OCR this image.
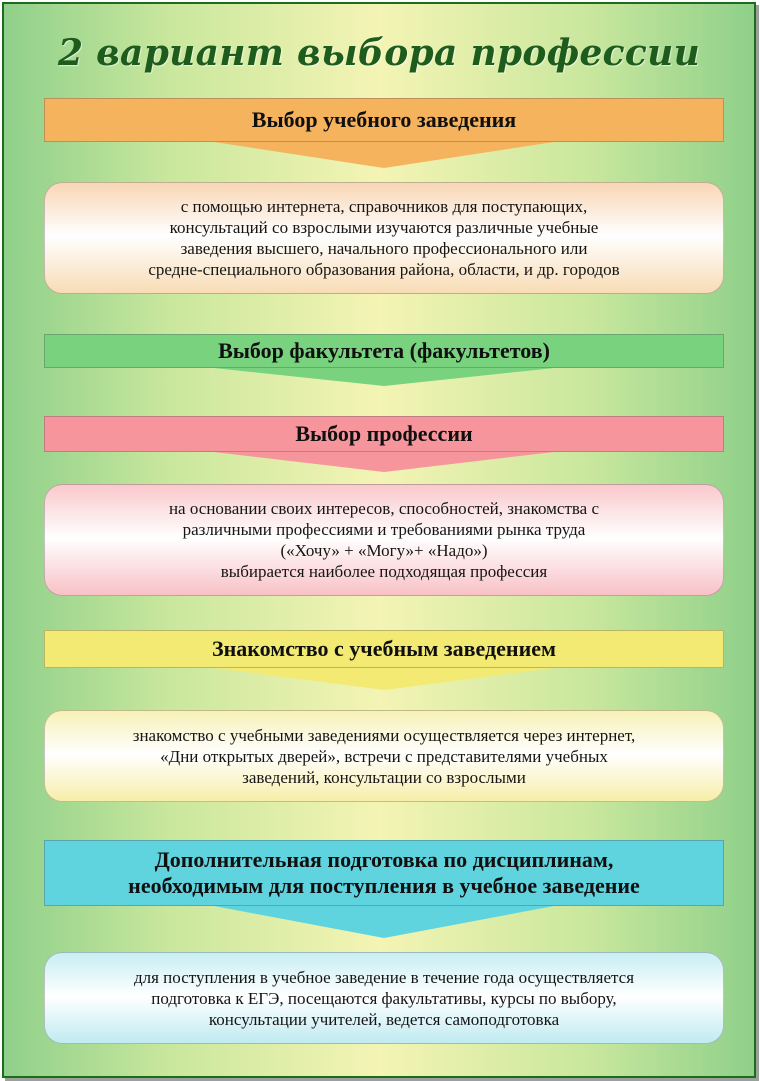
2 вариант выбора профессии
Выбор учебного заведения
с помощью интернета, справочников для поступающих,
консультаций со взрослыми изучаются различные учебные
заведения высшего, начального профессионального или
средне-специального образования района, области, и др. городов
Выбор факультета (факультетов)
Выбор профессии
на основании своих интересов, способностей, знакомства с
различными профессиями и требованиями рынка труда
(«Хочу» + «Могу»+ «Надо»)
выбирается наиболее подходящая профессия
Знакомство с учебным заведением
знакомство с учебными заведениями осуществляется через интернет,
«Дни открытых дверей», встречи с представителями учебных
заведений, консультации со взрослыми
Дополнительная подготовка по дисциплинам,
необходимым для поступления в учебное заведение
для поступления в учебное заведение в течение года осуществляется
подготовка к ЕГЭ, посещаются факультативы, курсы по выбору,
консультации учителей, ведется самоподготовка
